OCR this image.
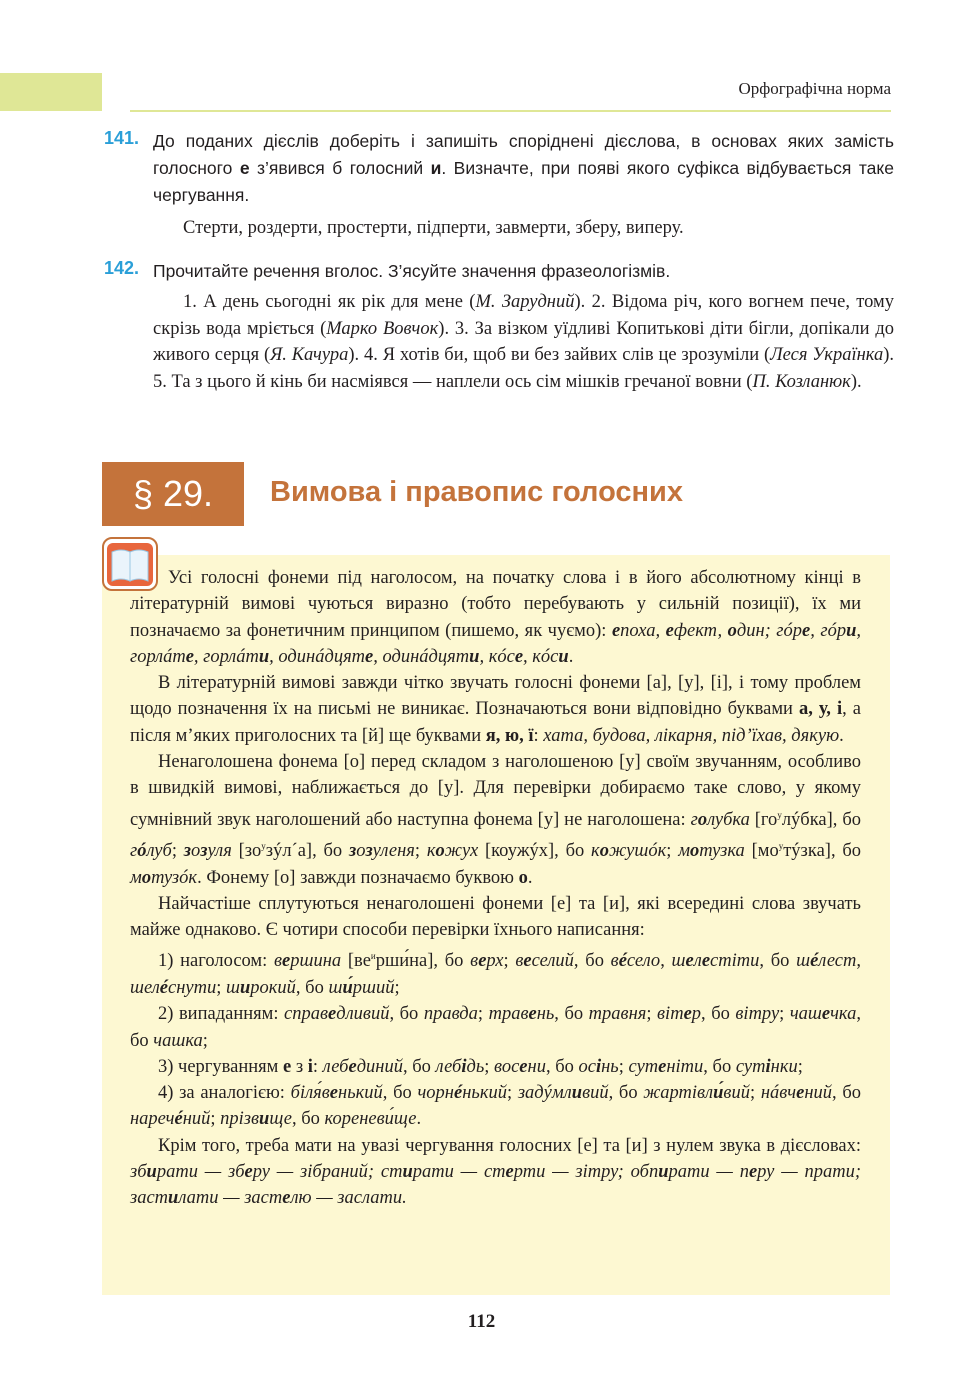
Орфографічна норма
141. До поданих дієслів доберіть і запишіть споріднені дієслова, в основах яких замість голосного е з’явився б голосний и. Визначте, при появі якого суфікса відбувається таке чергування.
Стерти, роздерти, простерти, підперти, завмерти, зберу, виперу.
142. Прочитайте речення вголос. З’ясуйте значення фразеологізмів.
1. А день сьогодні як рік для мене (М. Зарудний). 2. Відома річ, кого вогнем пече, тому скрізь вода мріється (Марко Вовчок). 3. За візком уїдливі Копитькові діти бігли, допікали до живого серця (Я. Качура). 4. Я хотів би, щоб ви без зайвих слів це зрозуміли (Леся Українка). 5. Та з цього й кінь би насміявся — наплели ось сім мішків гречаної вовни (П. Козланюк).
§ 29.	Вимова і правопис голосних

Усі голосні фонеми під наголосом, на початку слова і в його абсолютному кінці в літературній вимові чуються виразно (тобто перебувають у сильній позиції), їх ми позначаємо за фонетичним принципом (пишемо, як чуємо): епоха, ефект, один; гóре, гóри, горлáте, горлáти, одинáдцяте, одинáдцяти, кóсе, кóси.

В літературній вимові завжди чітко звучать голосні фонеми [а], [у], [і], і тому проблем щодо позначення їх на письмі не виникає. Позначаються вони відповідно буквами а, у, і, а після м’яких приголосних та [й] ще буквами я, ю, ї: хата, будова, лікарня, під’їхав, дякую.

Ненаголошена фонема [о] перед складом з наголошеною [у] своїм звучанням, особливо в швидкій вимові, наближається до [у]. Для перевірки добираємо таке слово, у якому сумнівний звук наголошений або наступна фонема [у] не наголошена: голубка $[го^улýбка]$, бо гóлуб; зозуля $[зо^узýл´а]$, бо зозуленя; кожух [коужýх], бо кожушóк; мотузка $[мо^утýзка]$, бо мотузóк. Фонему [о] завжди позначаємо буквою о.

Найчастіше сплутуються ненаголошені фонеми [е] та [и], які всередині слова звучать майже однаково. Є чотири способи перевірки їхнього написання:

1) наголосом: вершина $[ве^ирши́на]$, бо верх; веселий, бо вéсело, шелестіти, бо шéлест, шелéснути; широкий, бо ши́рший;

2) випаданням: справедливий, бо правда; травень, бо травня; вітер, бо вітру; чашечка, бо чашка;

3) чергуванням е з і: лебединий, бо лебідь; восени, бо осінь; сутеніти, бо сутінки;

4) за аналогією: біля́венький, бо чорнéнький; задýмливий, бо жартівли́вий; нáвчений, бо наречéний; прізвище, бо кореневи́ще.

Крім того, треба мати на увазі чергування голосних [е] та [и] з нулем звука в дієсловах: збирати — зберу — зібраний; стирати — стерти — зітру; обпирати — перу — прати; застилати — застелю — заслати.

112
